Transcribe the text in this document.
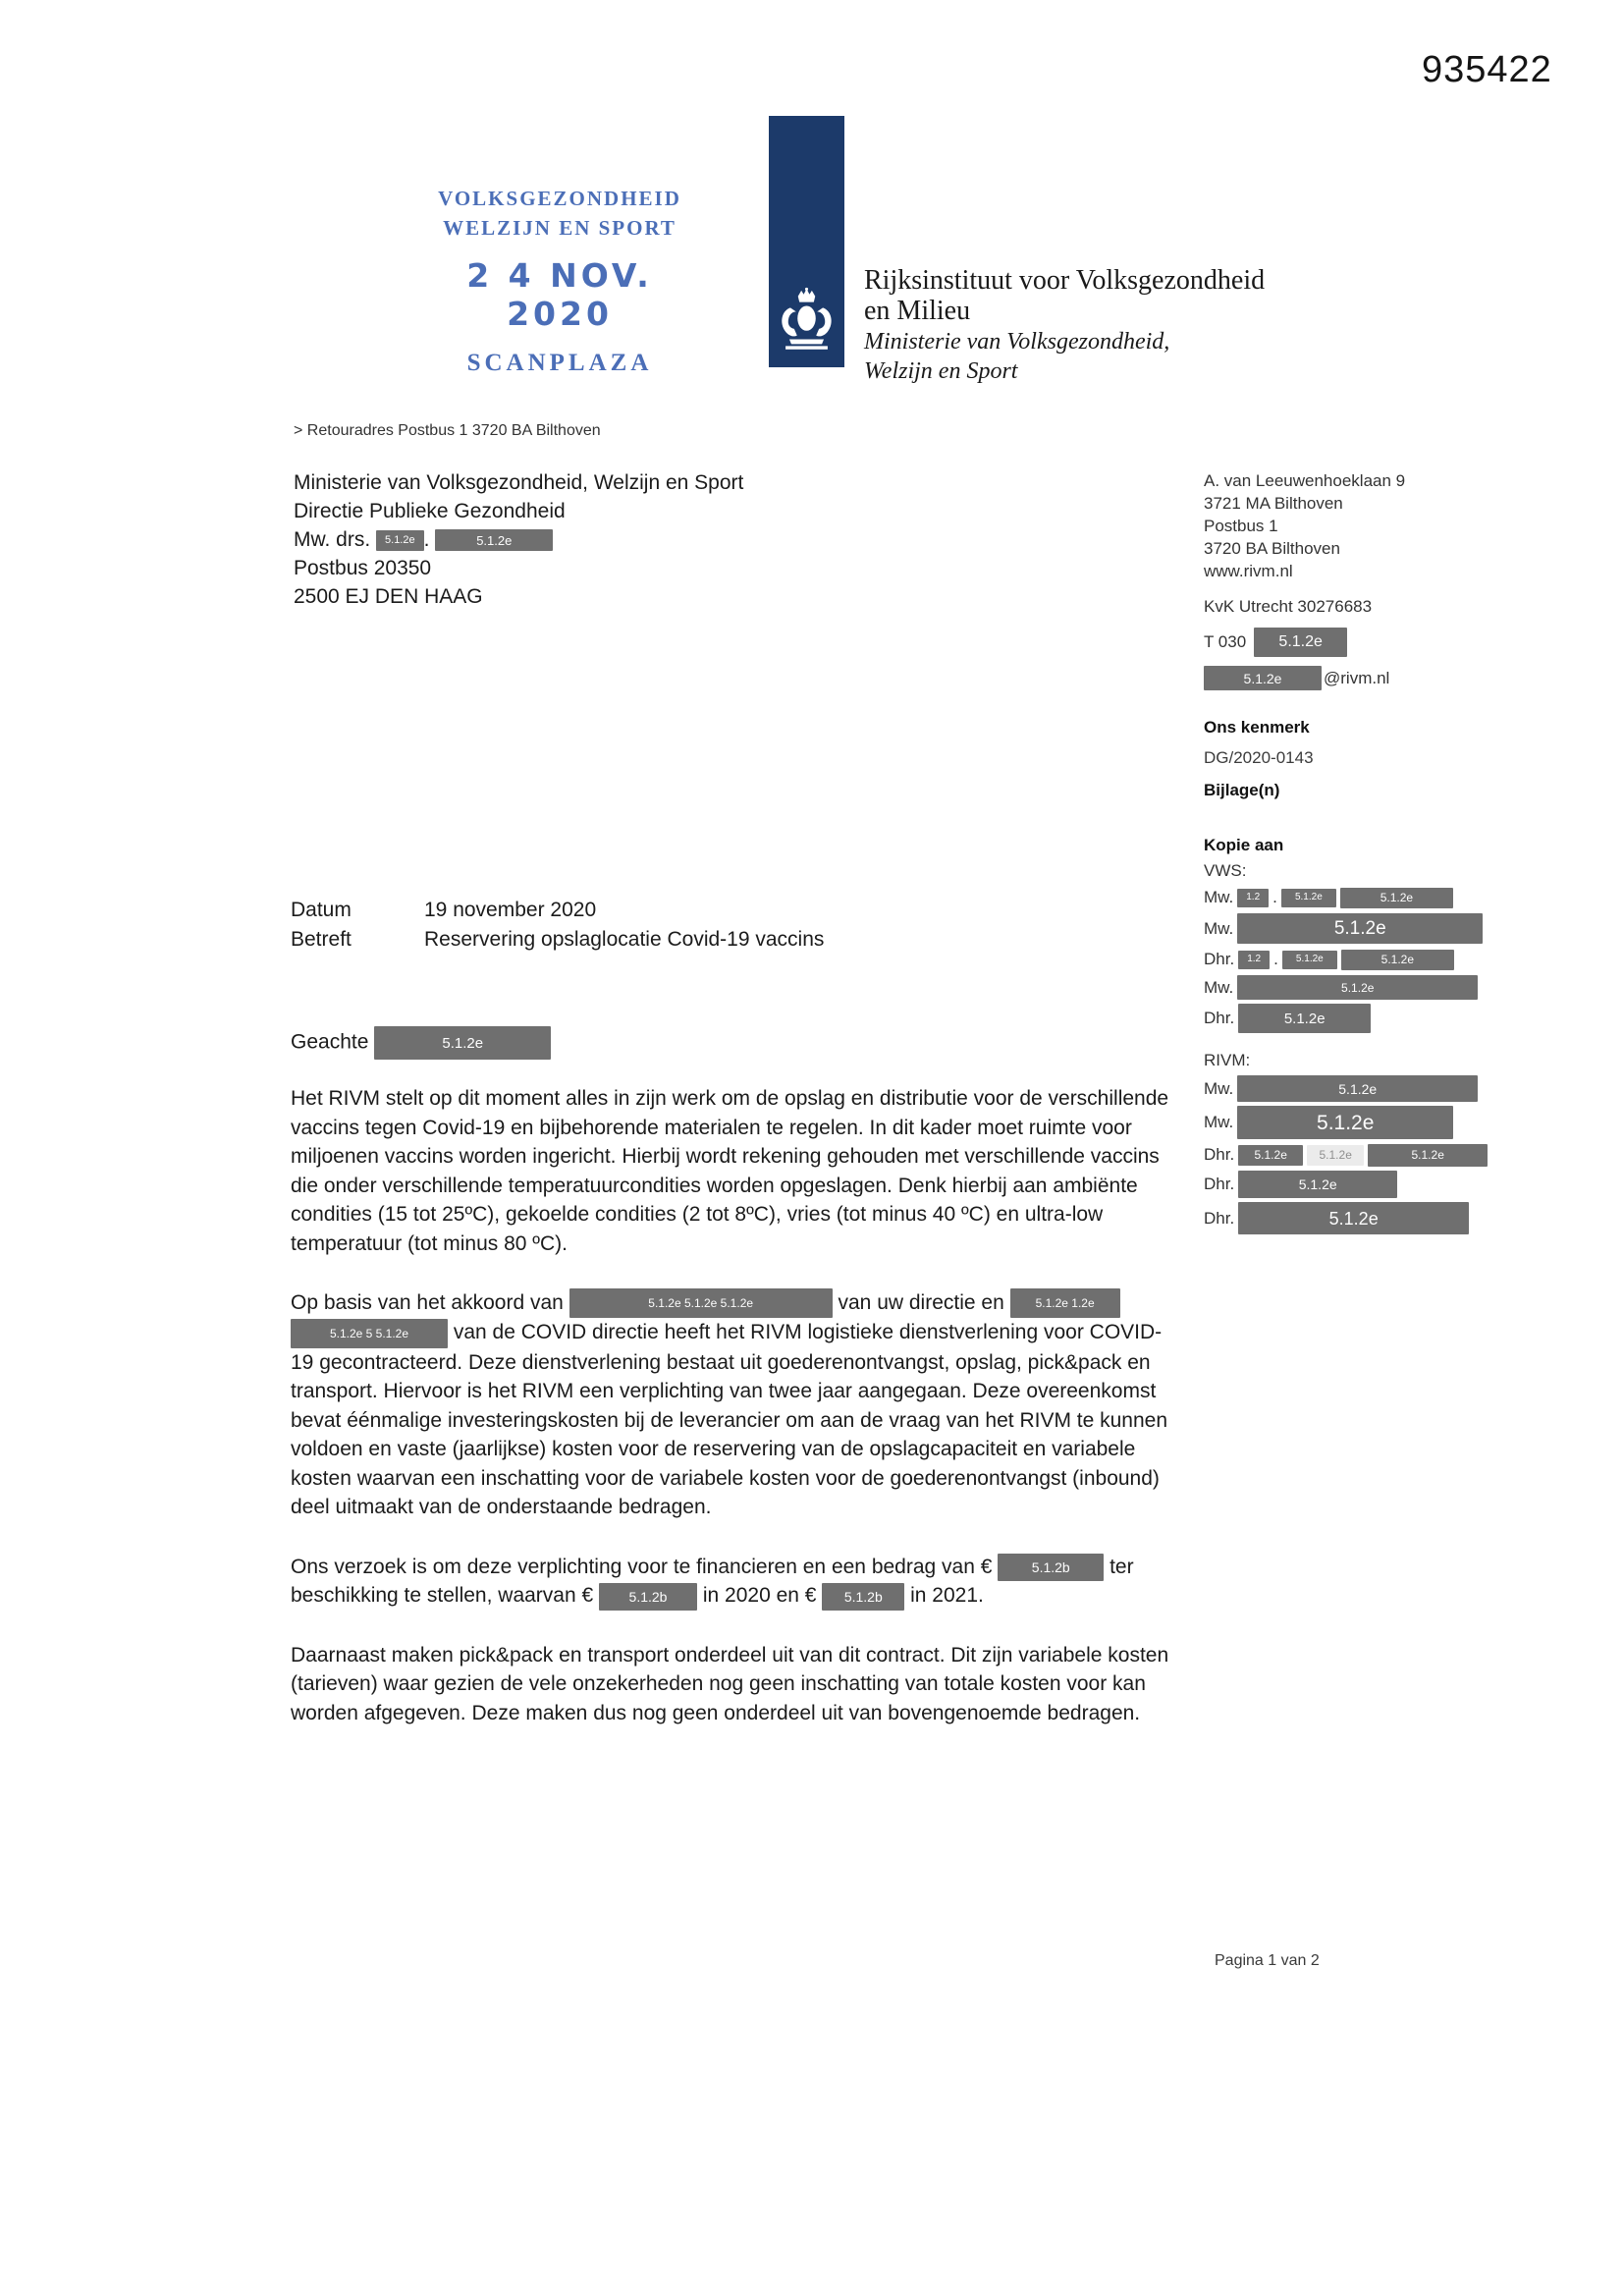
935422
VOLKSGEZONDHEID
WELZIJN EN SPORT
2 4 NOV. 2020
SCANPLAZA
Rijksinstituut voor Volksgezondheid
en Milieu
Ministerie van Volksgezondheid,
Welzijn en Sport
> Retouradres Postbus 1 3720 BA Bilthoven
Ministerie van Volksgezondheid, Welzijn en Sport
Directie Publieke Gezondheid
Mw. drs. 5.1.2e .	5.1.2e
Postbus 20350
2500 EJ DEN HAAG
A. van Leeuwenhoeklaan 9
3721 MA Bilthoven
Postbus 1
3720 BA Bilthoven
www.rivm.nl
KvK Utrecht 30276683
T 030	5.1.2e
5.1.2e	@rivm.nl
Ons kenmerk
DG/2020-0143
Bijlage(n)
Kopie aan
VWS:
Mw.	1.2 .	5.1.2e	5.1.2e
Mw.	5.1.2e
Dhr.	1.2 .	5.1.2e	5.1.2e
Mw.	5.1.2e
Dhr.	5.1.2e
RIVM:
Mw.	5.1.2e
Mw.	5.1.2e
Dhr.	5.1.2e	5.1.2e	5.1.2e
Dhr.	5.1.2e
Dhr.	5.1.2e
Datum	19 november 2020
Betreft	Reservering opslaglocatie Covid-19 vaccins

Geachte	5.1.2e

Het RIVM stelt op dit moment alles in zijn werk om de opslag en distributie voor de verschillende vaccins tegen Covid-19 en bijbehorende materialen te regelen. In dit kader moet ruimte voor miljoenen vaccins worden ingericht. Hierbij wordt rekening gehouden met verschillende vaccins die onder verschillende temperatuurcondities worden opgeslagen. Denk hierbij aan ambiënte condities (15 tot 25ºC), gekoelde condities (2 tot 8ºC), vries (tot minus 40 ºC) en ultra-low temperatuur (tot minus 80 ºC).

Op basis van het akkoord van	5.1.2e 5.1.2e 5.1.2e	van uw directie en 5.1.2e 1.2e 5.1.2e 5 5.1.2e van de COVID directie heeft het RIVM logistieke dienstverlening voor COVID-19 gecontracteerd. Deze dienstverlening bestaat uit goederenontvangst, opslag, pick&pack en transport. Hiervoor is het RIVM een verplichting van twee jaar aangegaan. Deze overeenkomst bevat éénmalige investeringskosten bij de leverancier om aan de vraag van het RIVM te kunnen voldoen en vaste (jaarlijkse) kosten voor de reservering van de opslagcapaciteit en variabele kosten waarvan een inschatting voor de variabele kosten voor de goederenontvangst (inbound) deel uitmaakt van de onderstaande bedragen.

Ons verzoek is om deze verplichting voor te financieren en een bedrag van € 5.1.2b ter beschikking te stellen, waarvan € 5.1.2b in 2020 en € 5.1.2b in 2021.

Daarnaast maken pick&pack en transport onderdeel uit van dit contract. Dit zijn variabele kosten (tarieven) waar gezien de vele onzekerheden nog geen inschatting van totale kosten voor kan worden afgegeven. Deze maken dus nog geen onderdeel uit van bovengenoemde bedragen.

Pagina 1 van 2
